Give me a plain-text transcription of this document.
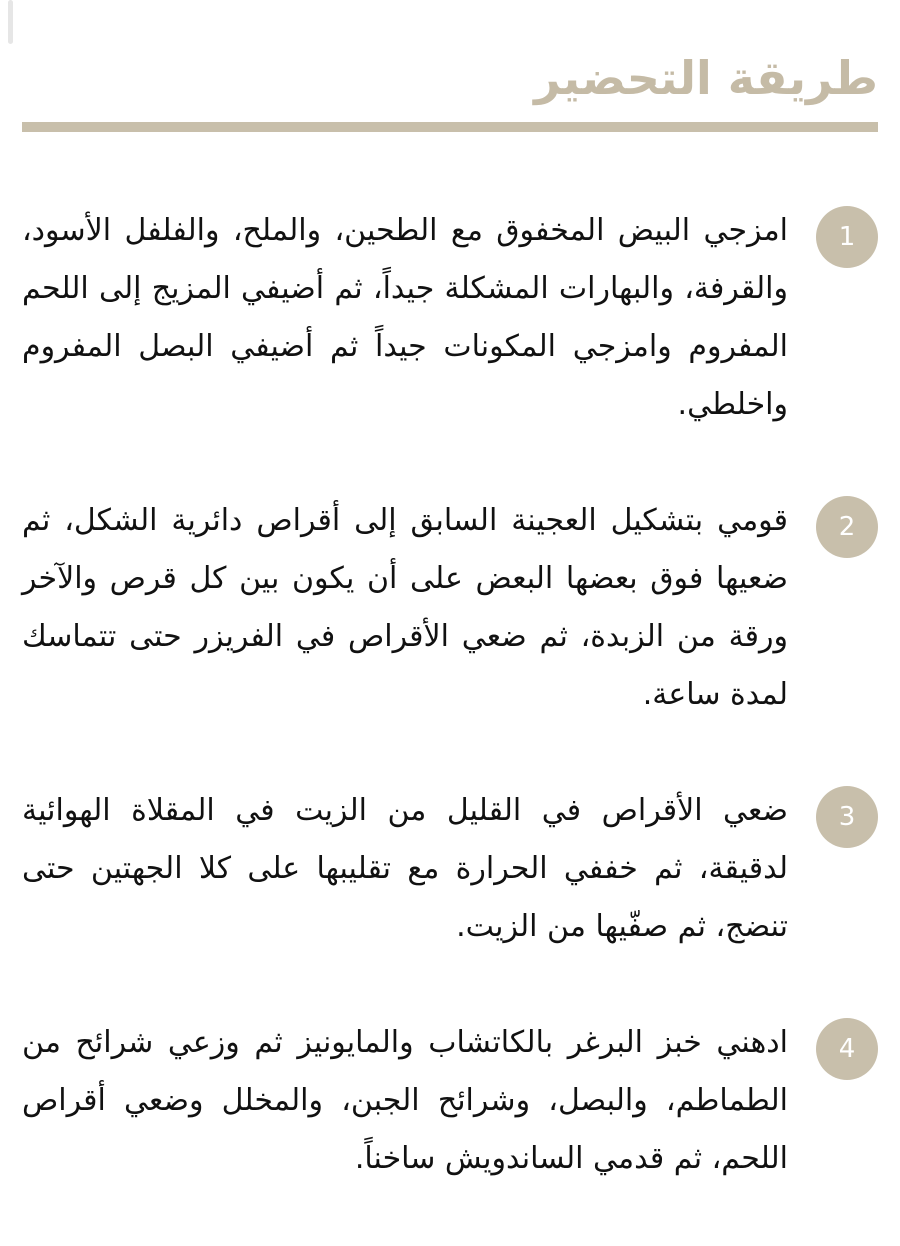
طريقة التحضير
1

امزجي البيض المخفوق مع الطحين، والملح، والفلفل الأسود، والقرفة، والبهارات المشكلة جيداً، ثم أضيفي المزيج إلى اللحم المفروم وامزجي المكونات جيداً ثم أضيفي البصل المفروم واخلطي.

2

قومي بتشكيل العجينة السابق إلى أقراص دائرية الشكل، ثم ضعيها فوق بعضها البعض على أن يكون بين كل قرص والآخر ورقة من الزبدة، ثم ضعي الأقراص في الفريزر حتى تتماسك لمدة ساعة.

3

ضعي الأقراص في القليل من الزيت في المقلاة الهوائية لدقيقة، ثم خففي الحرارة مع تقليبها على كلا الجهتين حتى تنضج، ثم صفّيها من الزيت.

4

ادهني خبز البرغر بالكاتشاب والمايونيز ثم وزعي شرائح من الطماطم، والبصل، وشرائح الجبن، والمخلل وضعي أقراص اللحم، ثم قدمي الساندويش ساخناً.
